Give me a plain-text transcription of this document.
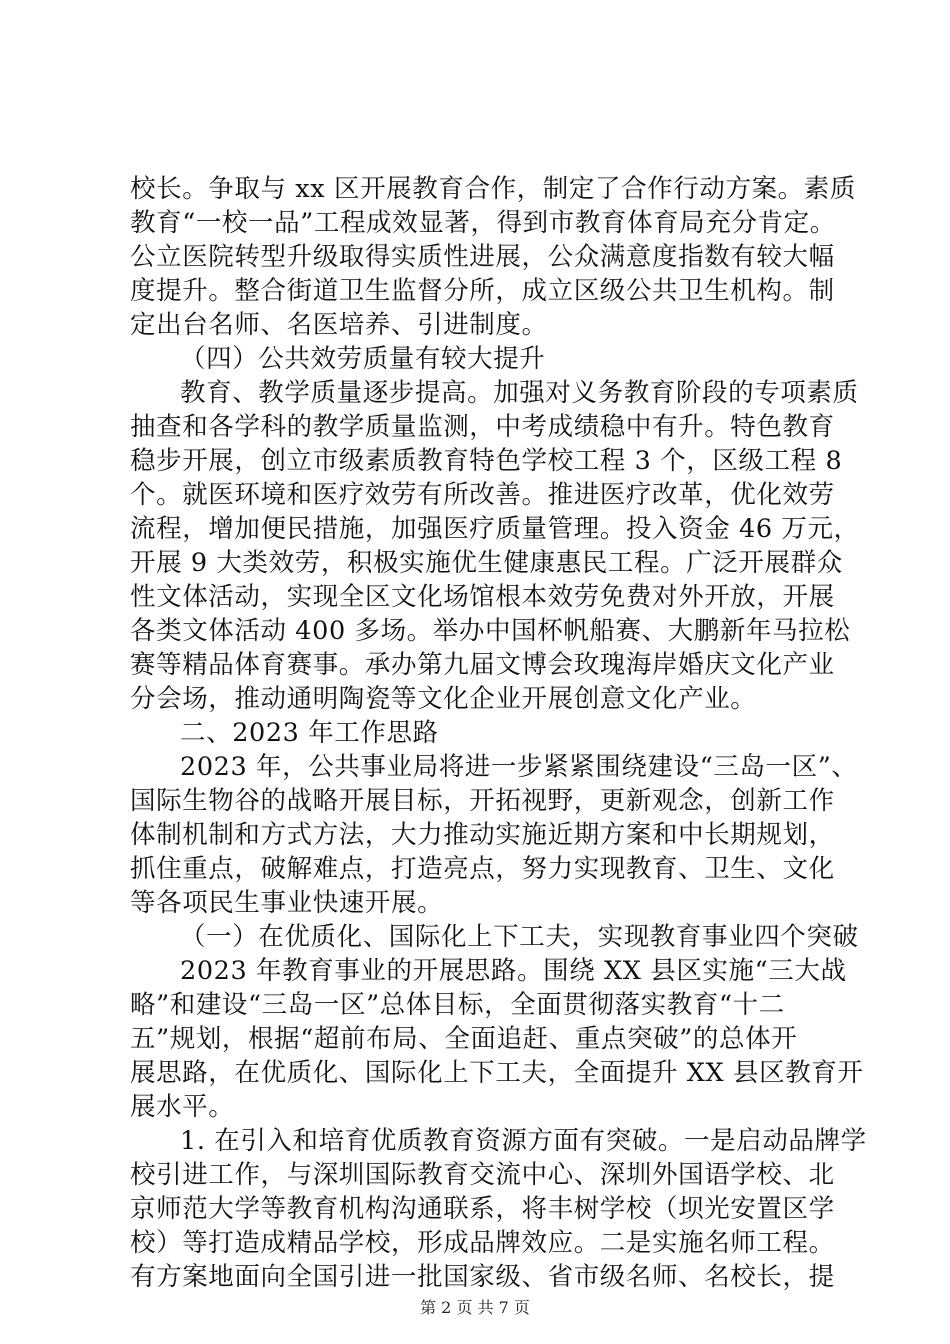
校长。争取与 xx 区开展教育合作，制定了合作行动方案。素质
教育“一校一品”工程成效显著，得到市教育体育局充分肯定。
公立医院转型升级取得实质性进展，公众满意度指数有较大幅
度提升。整合街道卫生监督分所，成立区级公共卫生机构。制
定出台名师、名医培养、引进制度。
（四）公共效劳质量有较大提升
教育、教学质量逐步提高。加强对义务教育阶段的专项素质
抽查和各学科的教学质量监测，中考成绩稳中有升。特色教育
稳步开展，创立市级素质教育特色学校工程 3 个，区级工程 8
个。就医环境和医疗效劳有所改善。推进医疗改革，优化效劳
流程，增加便民措施，加强医疗质量管理。投入资金 46 万元，
开展 9 大类效劳，积极实施优生健康惠民工程。广泛开展群众
性文体活动，实现全区文化场馆根本效劳免费对外开放，开展
各类文体活动 400 多场。举办中国杯帆船赛、大鹏新年马拉松
赛等精品体育赛事。承办第九届文博会玫瑰海岸婚庆文化产业
分会场，推动通明陶瓷等文化企业开展创意文化产业。
二、2023 年工作思路
2023 年，公共事业局将进一步紧紧围绕建设“三岛一区”、
国际生物谷的战略开展目标，开拓视野，更新观念，创新工作
体制机制和方式方法，大力推动实施近期方案和中长期规划，
抓住重点，破解难点，打造亮点，努力实现教育、卫生、文化
等各项民生事业快速开展。
（一）在优质化、国际化上下工夫，实现教育事业四个突破
2023 年教育事业的开展思路。围绕 XX 县区实施“三大战
略”和建设“三岛一区”总体目标，全面贯彻落实教育“十二
五”规划，根据“超前布局、全面追赶、重点突破”的总体开
展思路，在优质化、国际化上下工夫，全面提升 XX 县区教育开
展水平。
1. 在引入和培育优质教育资源方面有突破。一是启动品牌学
校引进工作，与深圳国际教育交流中心、深圳外国语学校、北
京师范大学等教育机构沟通联系，将丰树学校（坝光安置区学
校）等打造成精品学校，形成品牌效应。二是实施名师工程。
有方案地面向全国引进一批国家级、省市级名师、名校长，提
第 2 页 共 7 页
